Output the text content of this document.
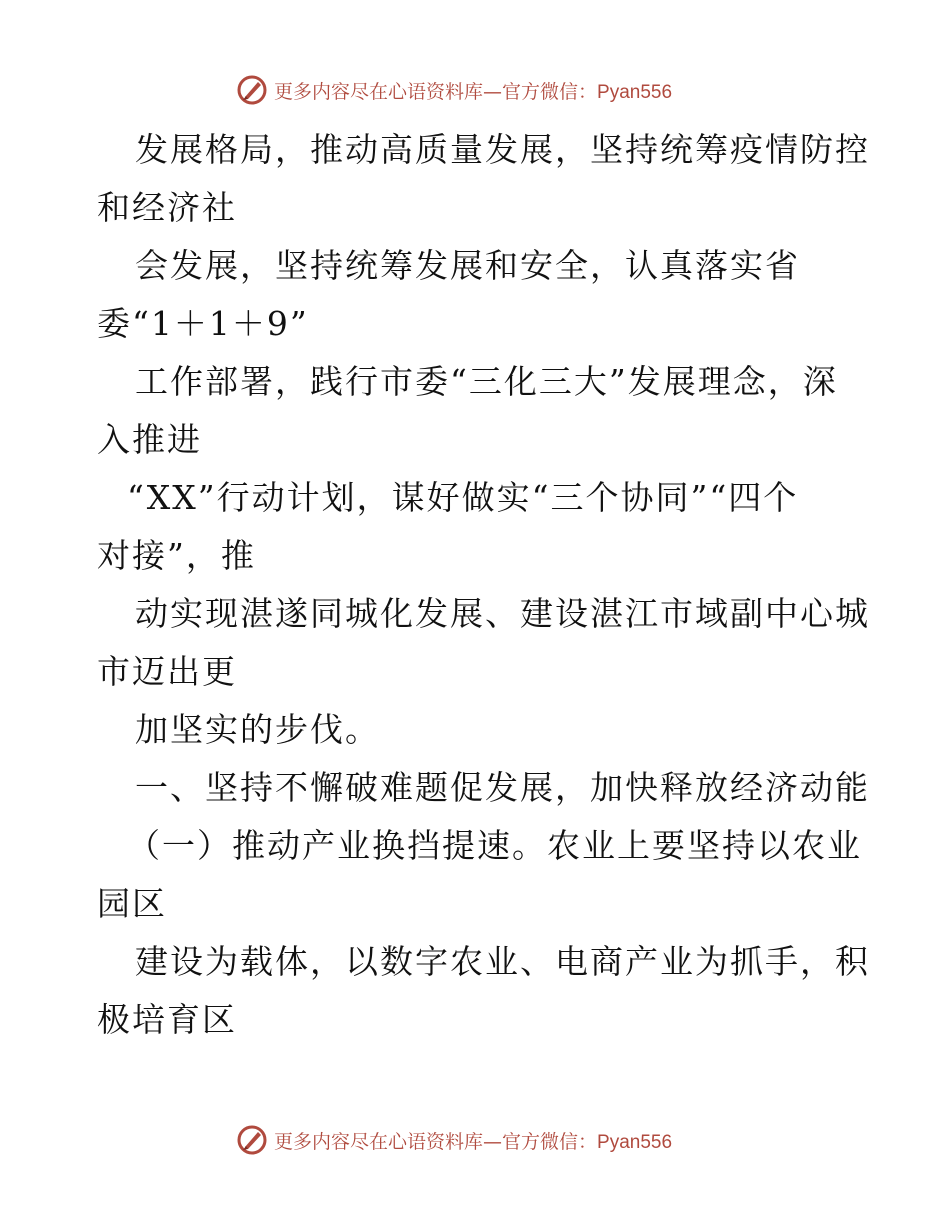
更多内容尽在心语资料库—官方微信：Pyan556
发展格局，推动高质量发展，坚持统筹疫情防控
和经济社
会发展，坚持统筹发展和安全，认真落实省
委“1＋1＋9”
工作部署，践行市委“三化三大”发展理念，深
入推进
“XX”行动计划，谋好做实“三个协同”“四个
对接”，推
动实现湛遂同城化发展、建设湛江市域副中心城
市迈出更
加坚实的步伐。
一、坚持不懈破难题促发展，加快释放经济动能
（一）推动产业换挡提速。农业上要坚持以农业
园区
建设为载体，以数字农业、电商产业为抓手，积
极培育区
更多内容尽在心语资料库—官方微信：Pyan556
